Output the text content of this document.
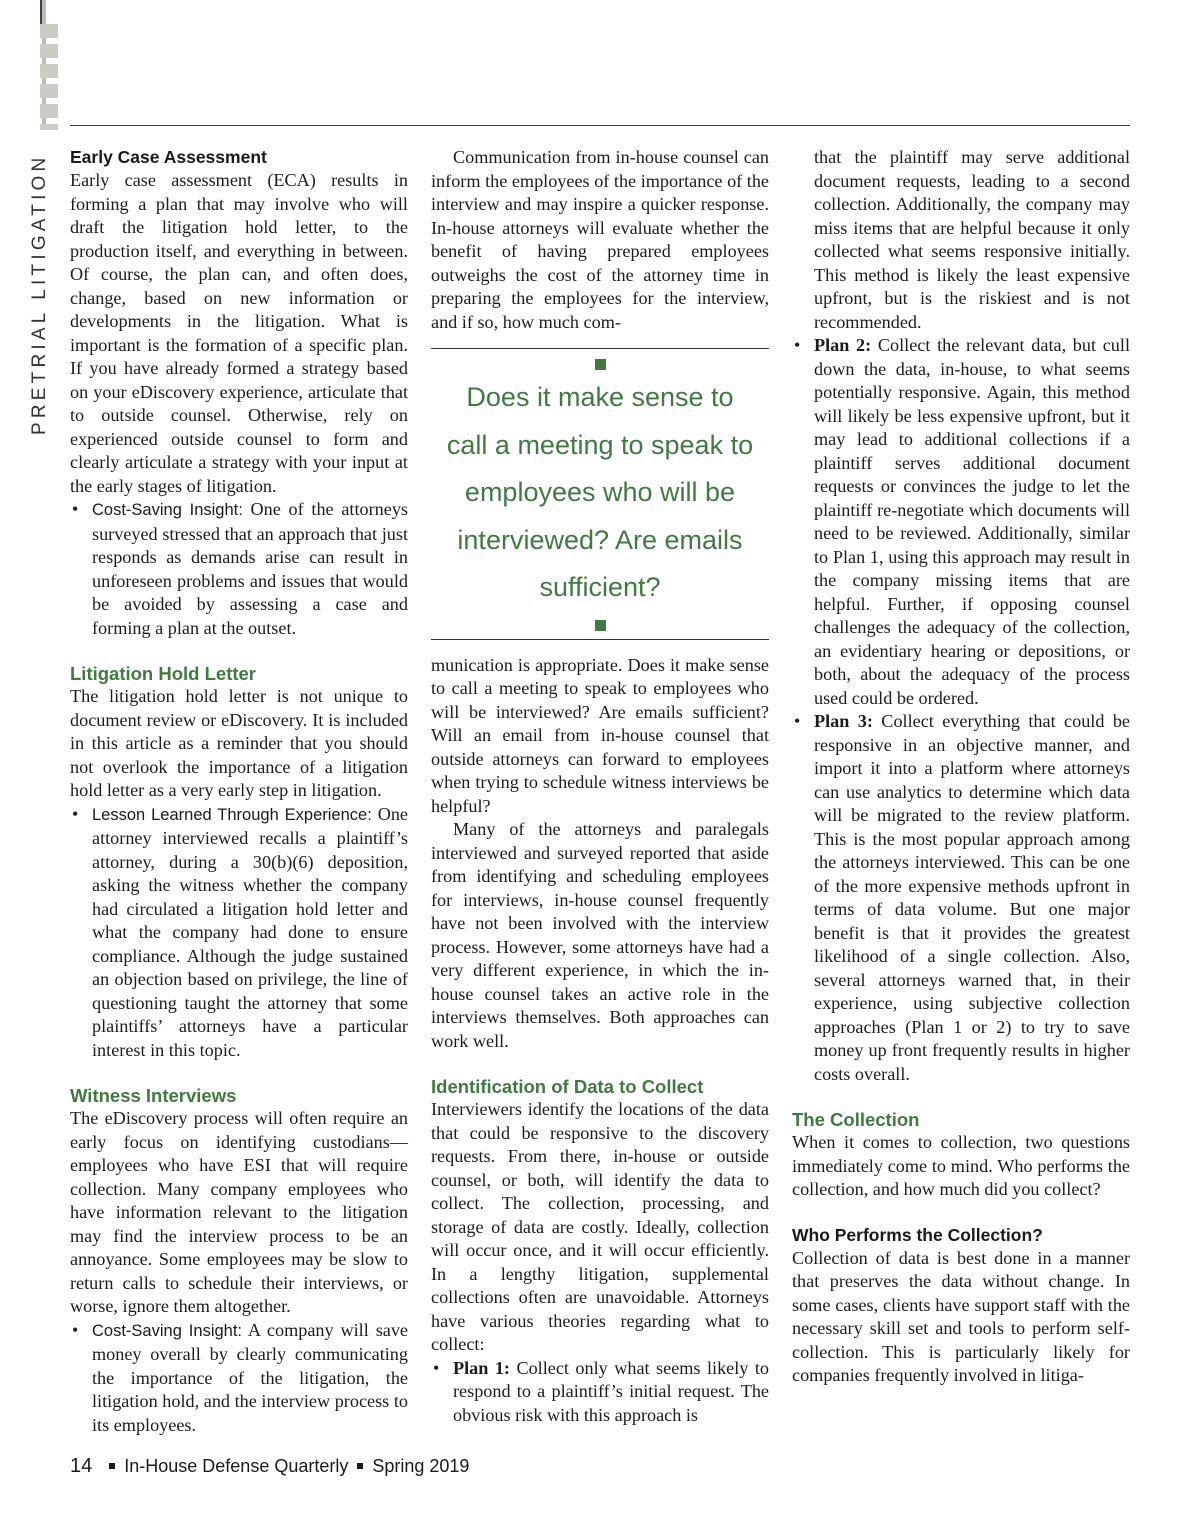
PRETRIAL LITIGATION Early Case Assessment

Early case assessment (ECA) results in forming a plan that may involve who will draft the litigation hold letter, to the production itself, and everything in between. Of course, the plan can, and often does, change, based on new information or developments in the litigation. What is important is the formation of a specific plan. If you have already formed a strategy based on your eDiscovery experience, articulate that to outside counsel. Otherwise, rely on experienced outside counsel to form and clearly articulate a strategy with your input at the early stages of litigation.

• Cost-Saving Insight: One of the attorneys surveyed stressed that an approach that just responds as demands arise can result in unforeseen problems and issues that would be avoided by assessing a case and forming a plan at the outset.
Litigation Hold Letter

The litigation hold letter is not unique to document review or eDiscovery. It is included in this article as a reminder that you should not overlook the importance of a litigation hold letter as a very early step in litigation.

• Lesson Learned Through Experience: One attorney interviewed recalls a plaintiff’s attorney, during a 30(b)(6) deposition, asking the witness whether the company had circulated a litigation hold letter and what the company had done to ensure compliance. Although the judge sustained an objection based on privilege, the line of questioning taught the attorney that some plaintiffs’ attorneys have a particular interest in this topic.
Witness Interviews

The eDiscovery process will often require an early focus on identifying custodians—employees who have ESI that will require collection. Many company employees who have information relevant to the litigation may find the interview process to be an annoyance. Some employees may be slow to return calls to schedule their interviews, or worse, ignore them altogether.

• Cost-Saving Insight: A company will save money overall by clearly communicating the importance of the litigation, the litigation hold, and the interview process to its employees.

Communication from in-house counsel can inform the employees of the importance of the interview and may inspire a quicker response. In-house attorneys will evaluate whether the benefit of having prepared employees outweighs the cost of the attorney time in preparing the employees for the interview, and if so, how much com-

Does it make sense to call a meeting to speak to employees who will be interviewed? Are emails sufficient?

munication is appropriate. Does it make sense to call a meeting to speak to employees who will be interviewed? Are emails sufficient? Will an email from in-house counsel that outside attorneys can forward to employees when trying to schedule witness interviews be helpful?

Many of the attorneys and paralegals interviewed and surveyed reported that aside from identifying and scheduling employees for interviews, in-house counsel frequently have not been involved with the interview process. However, some attorneys have had a very different experience, in which the in-house counsel takes an active role in the interviews themselves. Both approaches can work well.

Identification of Data to Collect

Interviewers identify the locations of the data that could be responsive to the discovery requests. From there, in-house or outside counsel, or both, will identify the data to collect. The collection, processing, and storage of data are costly. Ideally, collection will occur once, and it will occur efficiently. In a lengthy litigation, supplemental collections often are unavoidable. Attorneys have various theories regarding what to collect:

• Plan 1: Collect only what seems likely to respond to a plaintiff’s initial request. The obvious risk with this approach is

that the plaintiff may serve additional document requests, leading to a second collection. Additionally, the company may miss items that are helpful because it only collected what seems responsive initially. This method is likely the least expensive upfront, but is the riskiest and is not recommended.

• Plan 2: Collect the relevant data, but cull down the data, in-house, to what seems potentially responsive. Again, this method will likely be less expensive upfront, but it may lead to additional collections if a plaintiff serves additional document requests or convinces the judge to let the plaintiff re-negotiate which documents will need to be reviewed. Additionally, similar to Plan 1, using this approach may result in the company missing items that are helpful. Further, if opposing counsel challenges the adequacy of the collection, an evidentiary hearing or depositions, or both, about the adequacy of the process used could be ordered.
• Plan 3: Collect everything that could be responsive in an objective manner, and import it into a platform where attorneys can use analytics to determine which data will be migrated to the review platform. This is the most popular approach among the attorneys interviewed. This can be one of the more expensive methods upfront in terms of data volume. But one major benefit is that it provides the greatest likelihood of a single collection. Also, several attorneys warned that, in their experience, using subjective collection approaches (Plan 1 or 2) to try to save money up front frequently results in higher costs overall.
The Collection

When it comes to collection, two questions immediately come to mind. Who performs the collection, and how much did you collect?

Who Performs the Collection?

Collection of data is best done in a manner that preserves the data without change. In some cases, clients have support staff with the necessary skill set and tools to perform self-collection. This is particularly likely for companies frequently involved in litiga-

14 In-House Defense Quarterly Spring 2019
